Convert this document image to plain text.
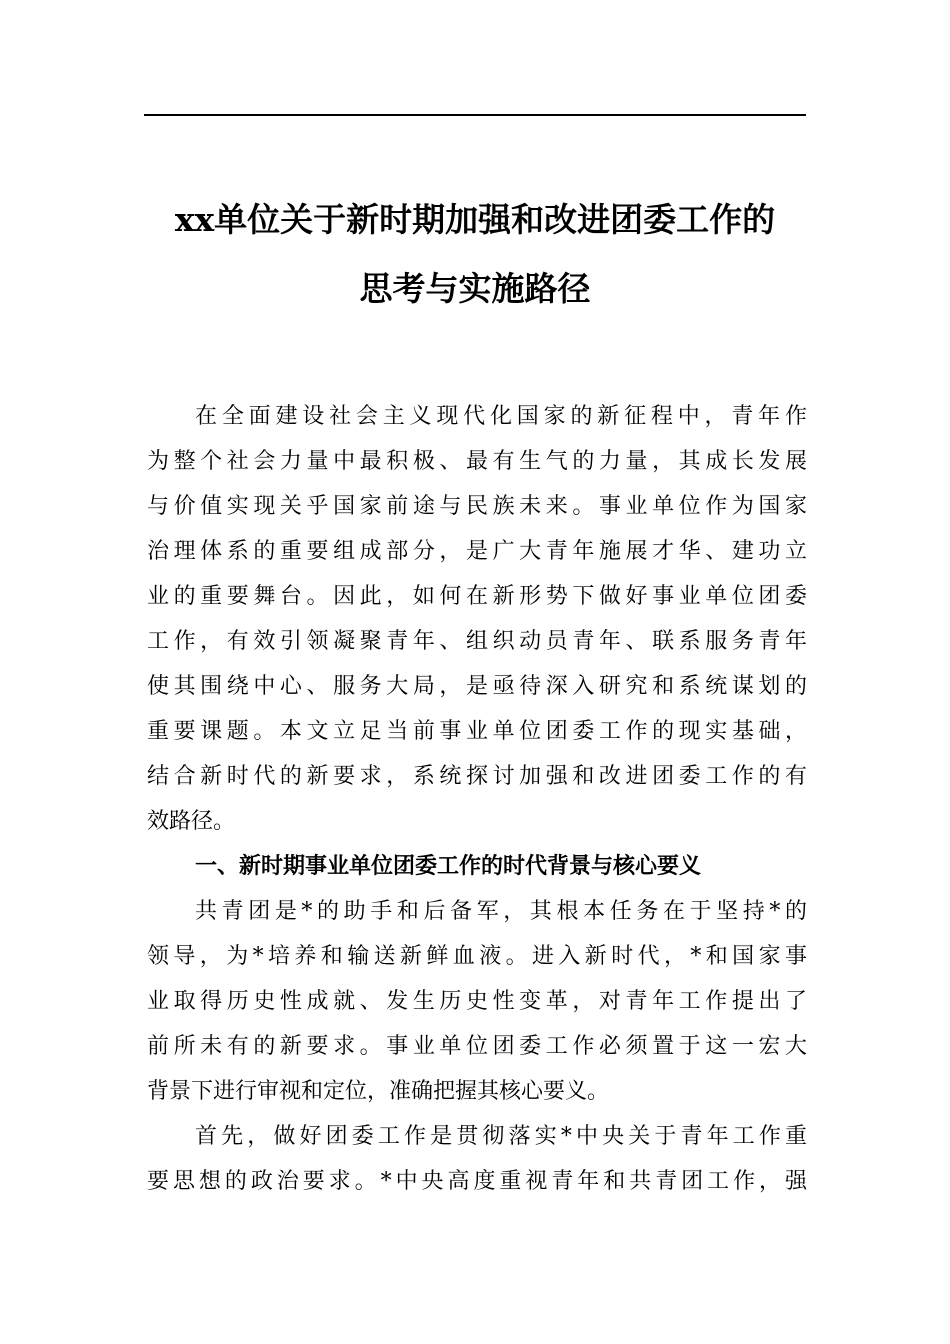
xx单位关于新时期加强和改进团委工作的
思考与实施路径
在全面建设社会主义现代化国家的新征程中，青年作
为整个社会力量中最积极、最有生气的力量，其成长发展
与价值实现关乎国家前途与民族未来。事业单位作为国家
治理体系的重要组成部分，是广大青年施展才华、建功立
业的重要舞台。因此，如何在新形势下做好事业单位团委
工作，有效引领凝聚青年、组织动员青年、联系服务青年
使其围绕中心、服务大局，是亟待深入研究和系统谋划的
重要课题。本文立足当前事业单位团委工作的现实基础，
结合新时代的新要求，系统探讨加强和改进团委工作的有
效路径。
一、新时期事业单位团委工作的时代背景与核心要义
共青团是*的助手和后备军，其根本任务在于坚持*的
领导，为*培养和输送新鲜血液。进入新时代，*和国家事
业取得历史性成就、发生历史性变革，对青年工作提出了
前所未有的新要求。事业单位团委工作必须置于这一宏大
背景下进行审视和定位，准确把握其核心要义。
首先，做好团委工作是贯彻落实*中央关于青年工作重
要思想的政治要求。*中央高度重视青年和共青团工作，强
